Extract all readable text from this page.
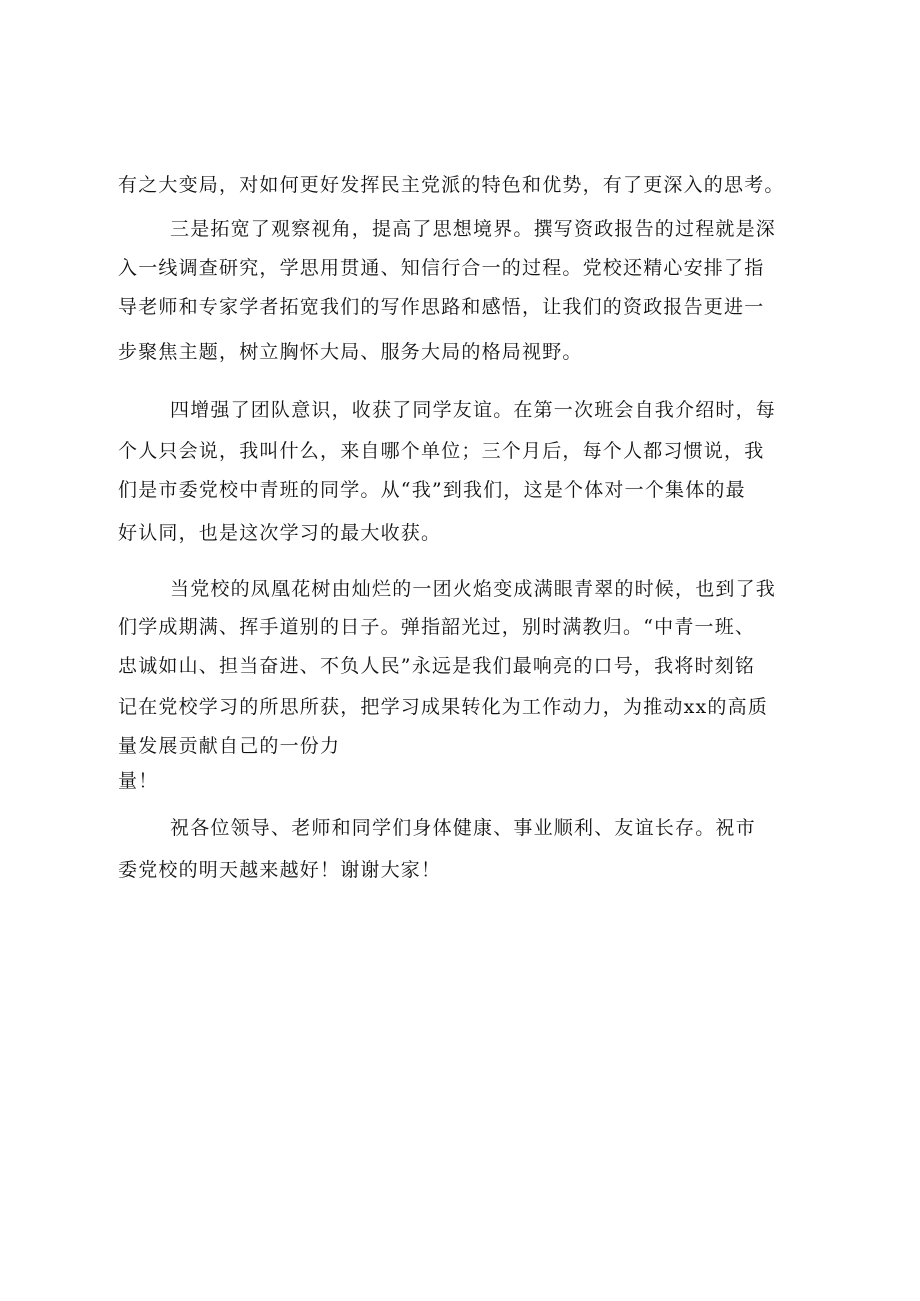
有之大变局，对如何更好发挥民主党派的特色和优势，有了更深入的思考。
三是拓宽了观察视角，提高了思想境界。撰写资政报告的过程就是深
入一线调查研究，学思用贯通、知信行合一的过程。党校还精心安排了指
导老师和专家学者拓宽我们的写作思路和感悟，让我们的资政报告更进一
步聚焦主题，树立胸怀大局、服务大局的格局视野。
四增强了团队意识，收获了同学友谊。在第一次班会自我介绍时，每
个人只会说，我叫什么，来自哪个单位；三个月后，每个人都习惯说，我
们是市委党校中青班的同学。从“我”到我们，这是个体对一个集体的最
好认同，也是这次学习的最大收获。
当党校的凤凰花树由灿烂的一团火焰变成满眼青翠的时候，也到了我
们学成期满、挥手道别的日子。弹指韶光过，别时满教归。“中青一班、
忠诚如山、担当奋进、不负人民”永远是我们最响亮的口号，我将时刻铭
记在党校学习的所思所获，把学习成果转化为工作动力，为推动xx的高质
量发展贡献自己的一份力
量！
祝各位领导、老师和同学们身体健康、事业顺利、友谊长存。祝市
委党校的明天越来越好！谢谢大家！
